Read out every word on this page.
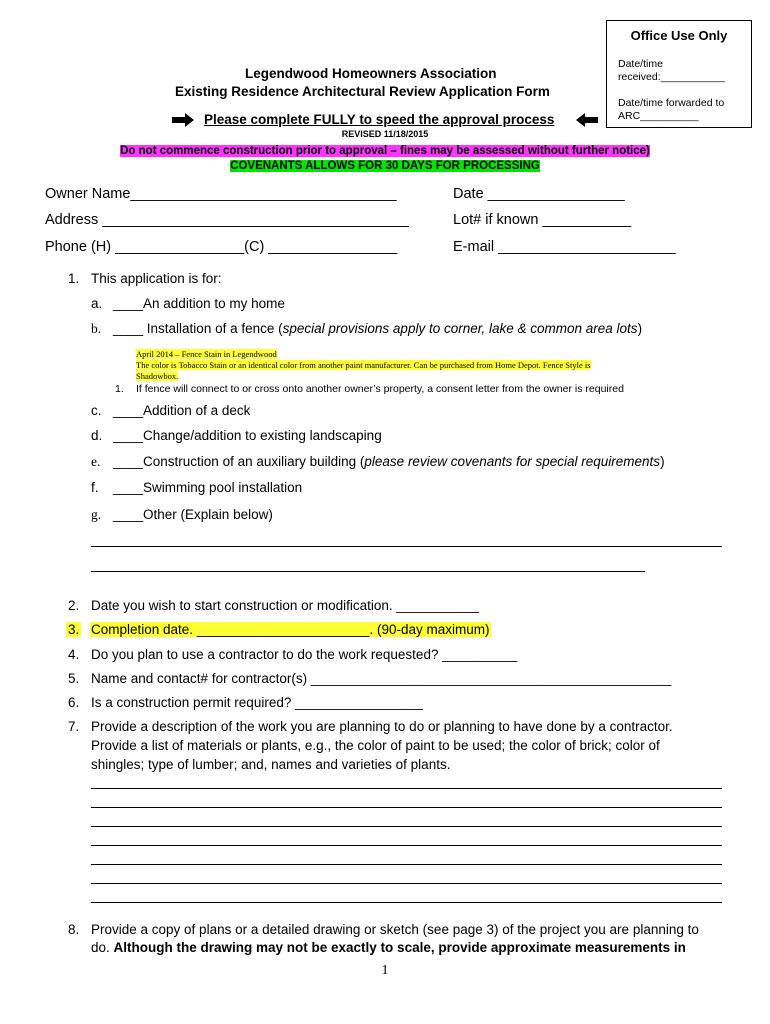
Office Use Only
Date/time
received:___________
Date/time forwarded to
ARC__________
Legendwood Homeowners Association
Existing Residence Architectural Review Application Form
Please complete FULLY to speed the approval process
REVISED 11/18/2015
Do not commence construction prior to approval – fines may be assessed without further notice)
COVENANTS ALLOWS FOR 30 DAYS FOR PROCESSING
Owner Name_________________________________	Date _________________
Address ______________________________________	Lot# if known ___________
Phone (H) ________________(C) ________________	E-mail ______________________
1. This application is for:
a. ____An addition to my home
b. ____ Installation of a fence (special provisions apply to corner, lake & common area lots)
April 2014 – Fence Stain in Legendwood
The color is Tobacco Stain or an identical color from another paint manufacturer. Can be purchased from Home Depot. Fence Style is
Shadowbox.
1. If fence will connect to or cross onto another owner’s property, a consent letter from the owner is required
c. ____Addition of a deck
d. ____Change/addition to existing landscaping
e. ____Construction of an auxiliary building (please review covenants for special requirements)
f. ____Swimming pool installation
g. ____Other (Explain below)
2. Date you wish to start construction or modification. ___________
3. Completion date. _______________________. (90-day maximum)
4. Do you plan to use a contractor to do the work requested? __________
5. Name and contact# for contractor(s) ________________________________________________
6. Is a construction permit required? _________________
7. Provide a description of the work you are planning to do or planning to have done by a contractor.
Provide a list of materials or plants, e.g., the color of paint to be used; the color of brick; color of
shingles; type of lumber; and, names and varieties of plants.
8. Provide a copy of plans or a detailed drawing or sketch (see page 3) of the project you are planning to
do. Although the drawing may not be exactly to scale, provide approximate measurements in
1
